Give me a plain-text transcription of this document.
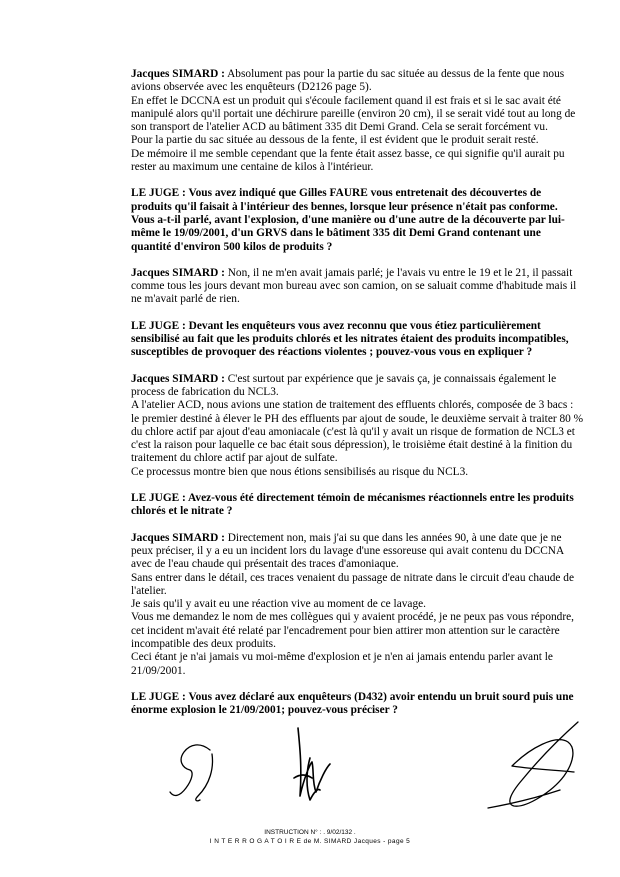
Jacques SIMARD : Absolument pas pour la partie du sac située au dessus de la fente que nous
avions observée avec les enquêteurs (D2126 page 5).
En effet le DCCNA est un produit qui s'écoule facilement quand il est frais et si le sac avait été
manipulé alors qu'il portait une déchirure pareille (environ 20 cm), il se serait vidé tout au long de
son transport de l'atelier ACD au bâtiment 335 dit Demi Grand. Cela se serait forcément vu.
Pour la partie du sac située au dessous de la fente, il est évident que le produit serait resté.
De mémoire il me semble cependant que la fente était assez basse, ce qui signifie qu'il aurait pu
rester au maximum une centaine de kilos à l'intérieur.
LE JUGE : Vous avez indiqué que Gilles FAURE vous entretenait des découvertes de
produits qu'il faisait à l'intérieur des bennes, lorsque leur présence n'était pas conforme.
Vous a-t-il parlé, avant l'explosion, d'une manière ou d'une autre de la découverte par lui-
même le 19/09/2001, d'un GRVS dans le bâtiment 335 dit Demi Grand contenant une
quantité d'environ 500 kilos de produits ?
Jacques SIMARD : Non, il ne m'en avait jamais parlé; je l'avais vu entre le 19 et le 21, il passait
comme tous les jours devant mon bureau avec son camion, on se saluait comme d'habitude mais il
ne m'avait parlé de rien.
LE JUGE : Devant les enquêteurs vous avez reconnu que vous étiez particulièrement
sensibilisé au fait que les produits chlorés et les nitrates étaient des produits incompatibles,
susceptibles de provoquer des réactions violentes ; pouvez-vous vous en expliquer ?
Jacques SIMARD : C'est surtout par expérience que je savais ça, je connaissais également le
process de fabrication du NCL3.
A l'atelier ACD, nous avions une station de traitement des effluents chlorés, composée de 3 bacs :
le premier destiné à élever le PH des effluents par ajout de soude, le deuxième servait à traiter 80 %
du chlore actif par ajout d'eau amoniacale (c'est là qu'il y avait un risque de formation de NCL3 et
c'est la raison pour laquelle ce bac était sous dépression), le troisième était destiné à la finition du
traitement du chlore actif par ajout de sulfate.
Ce processus montre bien que nous étions sensibilisés au risque du NCL3.
LE JUGE : Avez-vous été directement témoin de mécanismes réactionnels entre les produits
chlorés et le nitrate ?
Jacques SIMARD : Directement non, mais j'ai su que dans les années 90, à une date que je ne
peux préciser, il y a eu un incident lors du lavage d'une essoreuse qui avait contenu du DCCNA
avec de l'eau chaude qui présentait des traces d'amoniaque.
Sans entrer dans le détail, ces traces venaient du passage de nitrate dans le circuit d'eau chaude de
l'atelier.
Je sais qu'il y avait eu une réaction vive au moment de ce lavage.
Vous me demandez le nom de mes collègues qui y avaient procédé, je ne peux pas vous répondre,
cet incident m'avait été relaté par l'encadrement pour bien attirer mon attention sur le caractère
incompatible des deux produits.
Ceci étant je n'ai jamais vu moi-même d'explosion et je n'en ai jamais entendu parler avant le
21/09/2001.
LE JUGE : Vous avez déclaré aux enquêteurs (D432) avoir entendu un bruit sourd puis une
énorme explosion le 21/09/2001; pouvez-vous préciser ?
INSTRUCTION N° : . 9/02/132 .
I N T E R R O G A T O I R E de M. SIMARD Jacques - page 5
